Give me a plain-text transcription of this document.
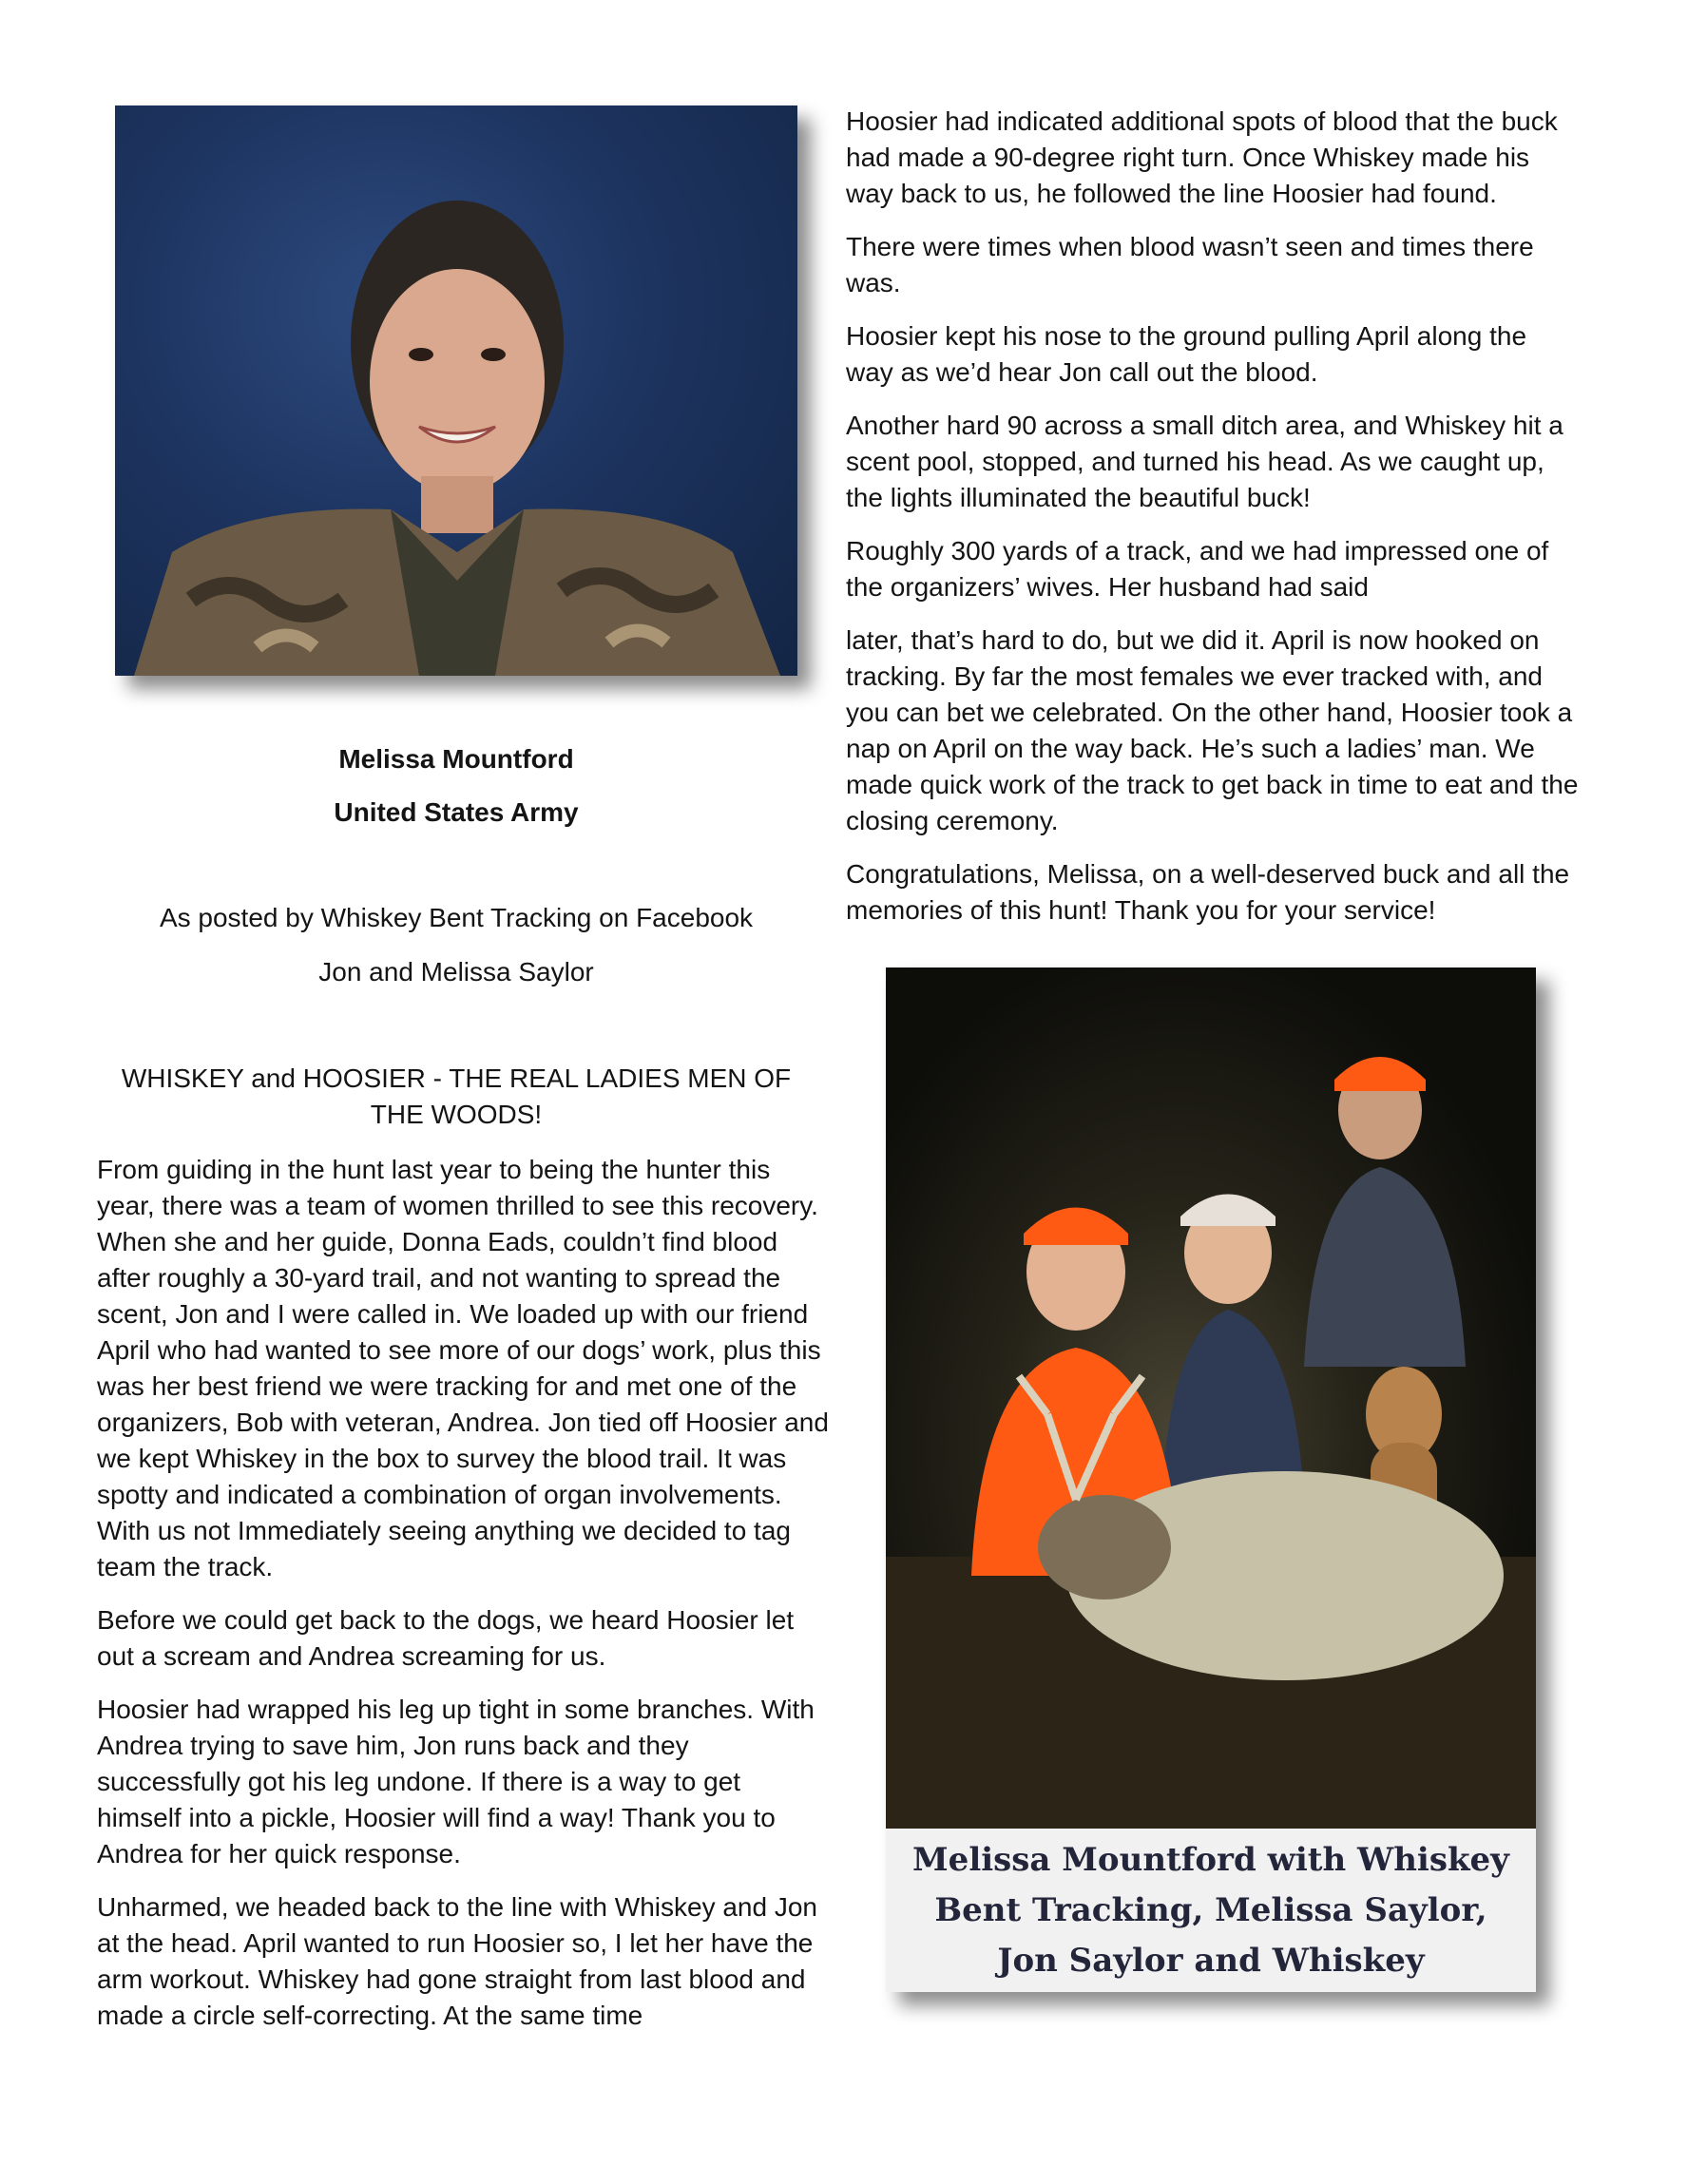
Melissa Mountford
United States Army
As posted by Whiskey Bent Tracking on Facebook
Jon and Melissa Saylor
WHISKEY and HOOSIER - THE REAL LADIES MEN OF THE WOODS!

From guiding in the hunt last year to being the hunter this year, there was a team of women thrilled to see this recovery. When she and her guide, Donna Eads, couldn’t find blood after roughly a 30-yard trail, and not wanting to spread the scent, Jon and I were called in. We loaded up with our friend April who had wanted to see more of our dogs’ work, plus this was her best friend we were tracking for and met one of the organizers, Bob with veteran, Andrea. Jon tied off Hoosier and we kept Whiskey in the box to survey the blood trail. It was spotty and indicated a combination of organ involvements. With us not Immediately seeing anything we decided to tag team the track.

Before we could get back to the dogs, we heard Hoosier let out a scream and Andrea screaming for us.

Hoosier had wrapped his leg up tight in some branches. With Andrea trying to save him, Jon runs back and they successfully got his leg undone. If there is a way to get himself into a pickle, Hoosier will find a way! Thank you to Andrea for her quick response.

Unharmed, we headed back to the line with Whiskey and Jon at the head. April wanted to run Hoosier so, I let her have the arm workout. Whiskey had gone straight from last blood and made a circle self-correcting. At the same time

Hoosier had indicated additional spots of blood that the buck had made a 90-degree right turn. Once Whiskey made his way back to us, he followed the line Hoosier had found.

There were times when blood wasn’t seen and times there was.

Hoosier kept his nose to the ground pulling April along the way as we’d hear Jon call out the blood.

Another hard 90 across a small ditch area, and Whiskey hit a scent pool, stopped, and turned his head. As we caught up, the lights illuminated the beautiful buck!

Roughly 300 yards of a track, and we had impressed one of the organizers’ wives. Her husband had said

later, that’s hard to do, but we did it. April is now hooked on tracking. By far the most females we ever tracked with, and you can bet we celebrated. On the other hand, Hoosier took a nap on April on the way back. He’s such a ladies’ man. We made quick work of the track to get back in time to eat and the closing ceremony.

Congratulations, Melissa, on a well-deserved buck and all the memories of this hunt! Thank you for your service!

Melissa Mountford with Whiskey Bent Tracking, Melissa Saylor, Jon Saylor and Whiskey
